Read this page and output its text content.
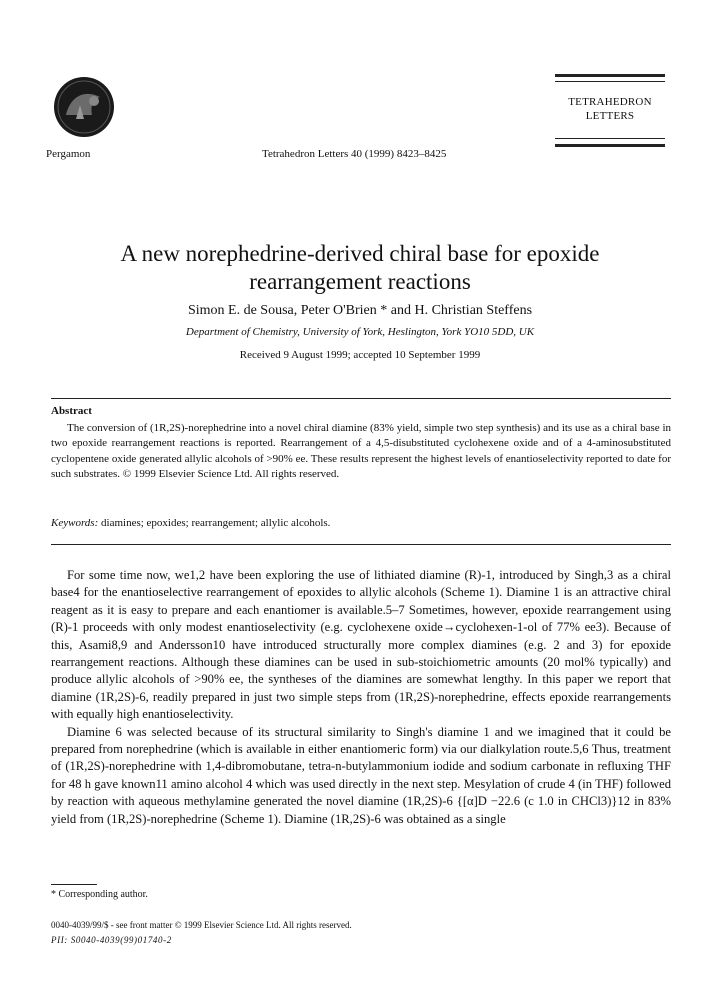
Pergamon	Tetrahedron Letters 40 (1999) 8423–8425
TETRAHEDRON
LETTERS
A new norephedrine-derived chiral base for epoxide
rearrangement reactions
Simon E. de Sousa, Peter O'Brien * and H. Christian Steffens
Department of Chemistry, University of York, Heslington, York YO10 5DD, UK
Received 9 August 1999; accepted 10 September 1999
Abstract
The conversion of (1R,2S)-norephedrine into a novel chiral diamine (83% yield, simple two step synthesis) and its use as a chiral base in two epoxide rearrangement reactions is reported. Rearrangement of a 4,5-disubstituted cyclohexene oxide and of a 4-aminosubstituted cyclopentene oxide generated allylic alcohols of >90% ee. These results represent the highest levels of enantioselectivity reported to date for such substrates. © 1999 Elsevier Science Ltd. All rights reserved.
Keywords: diamines; epoxides; rearrangement; allylic alcohols.

For some time now, we1,2 have been exploring the use of lithiated diamine (R)-1, introduced by Singh,3 as a chiral base4 for the enantioselective rearrangement of epoxides to allylic alcohols (Scheme 1). Diamine 1 is an attractive chiral reagent as it is easy to prepare and each enantiomer is available.5–7 Sometimes, however, epoxide rearrangement using (R)-1 proceeds with only modest enantioselectivity (e.g. cyclohexene oxide→cyclohexen-1-ol of 77% ee3). Because of this, Asami8,9 and Andersson10 have introduced structurally more complex diamines (e.g. 2 and 3) for epoxide rearrangement reactions. Although these diamines can be used in sub-stoichiometric amounts (20 mol% typically) and produce allylic alcohols of >90% ee, the syntheses of the diamines are somewhat lengthy. In this paper we report that diamine (1R,2S)-6, readily prepared in just two simple steps from (1R,2S)-norephedrine, effects epoxide rearrangements with equally high enantioselectivity.

Diamine 6 was selected because of its structural similarity to Singh's diamine 1 and we imagined that it could be prepared from norephedrine (which is available in either enantiomeric form) via our dialkylation route.5,6 Thus, treatment of (1R,2S)-norephedrine with 1,4-dibromobutane, tetra-n-butylammonium iodide and sodium carbonate in refluxing THF for 48 h gave known11 amino alcohol 4 which was used directly in the next step. Mesylation of crude 4 (in THF) followed by reaction with aqueous methylamine generated the novel diamine (1R,2S)-6 {[α]D −22.6 (c 1.0 in CHCl3)}12 in 83% yield from (1R,2S)-norephedrine (Scheme 1). Diamine (1R,2S)-6 was obtained as a single

* Corresponding author.
0040-4039/99/$ - see front matter © 1999 Elsevier Science Ltd. All rights reserved.
PII: S0040-4039(99)01740-2
